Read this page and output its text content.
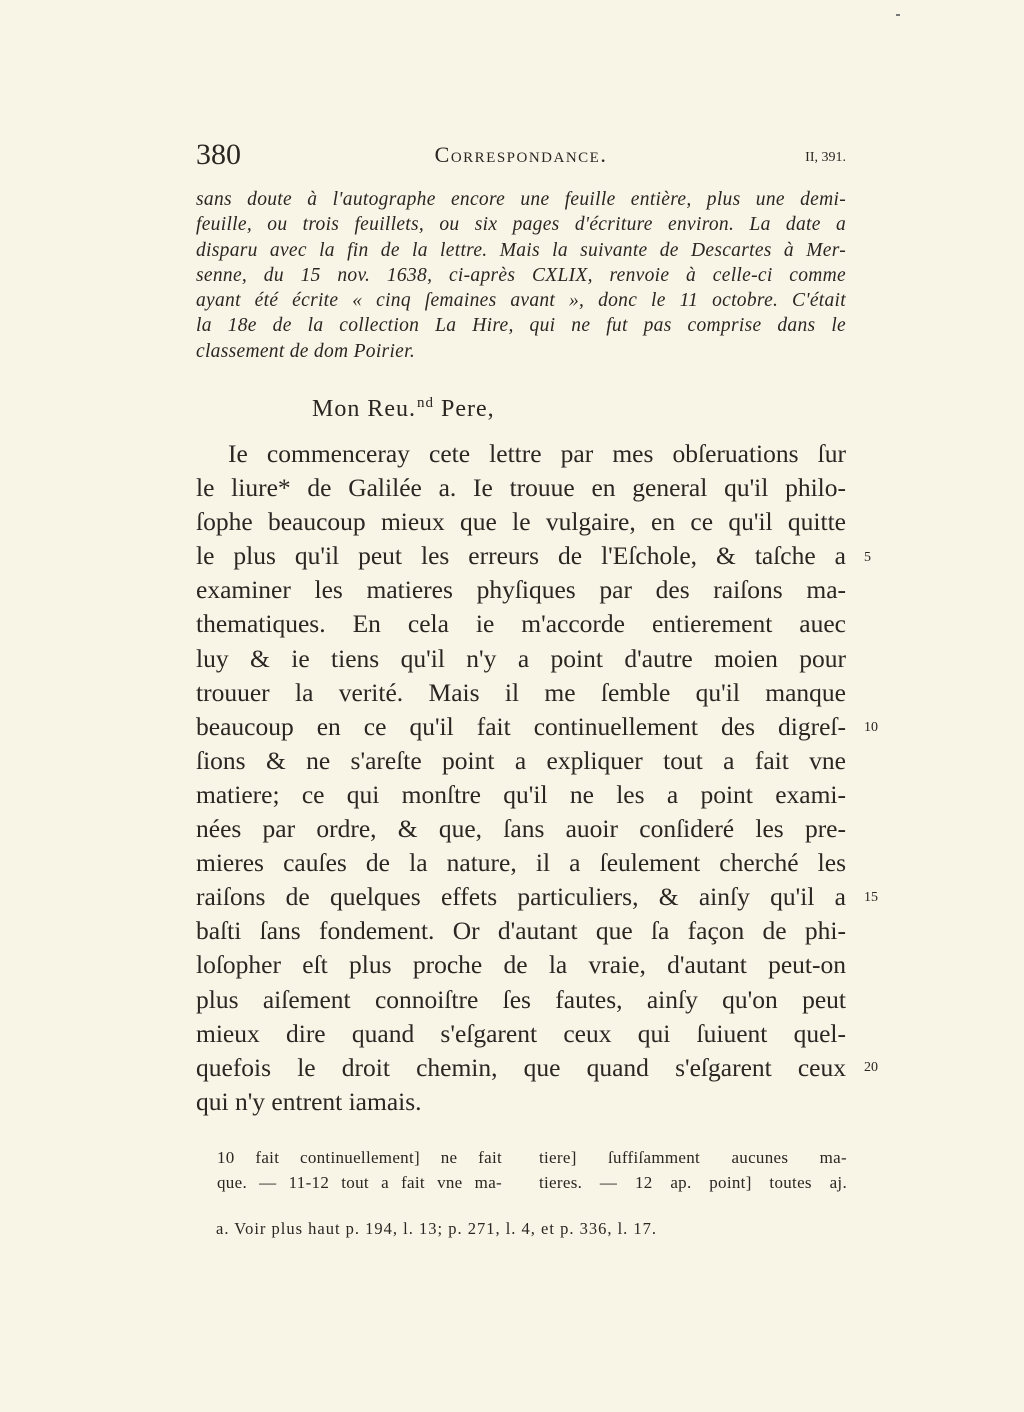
380	Correspondance.	II, 391.
sans doute à l'autographe encore une feuille entière, plus une demi-
feuille, ou trois feuillets, ou six pages d'écriture environ. La date a
disparu avec la fin de la lettre. Mais la suivante de Descartes à Mer-
senne, du 15 nov. 1638, ci-après CXLIX, renvoie à celle-ci comme
ayant été écrite « cinq ſemaines avant », donc le 11 octobre. C'était
la 18e de la collection La Hire, qui ne fut pas comprise dans le
classement de dom Poirier.
Mon Reu.$^{nd}$ Pere,
Ie commenceray cete lettre par mes obſeruations ſur
le liure* de Galilée a. Ie trouue en general qu'il philo-
ſophe beaucoup mieux que le vulgaire, en ce qu'il quitte
le plus qu'il peut les erreurs de l'Eſchole, & taſche a
examiner les matieres phyſiques par des raiſons ma-
thematiques. En cela ie m'accorde entierement auec
luy & ie tiens qu'il n'y a point d'autre moien pour
trouuer la verité. Mais il me ſemble qu'il manque
beaucoup en ce qu'il fait continuellement des digreſ-
ſions & ne s'areſte point a expliquer tout a fait vne
matiere; ce qui monſtre qu'il ne les a point exami-
nées par ordre, & que, ſans auoir conſideré les pre-
mieres cauſes de la nature, il a ſeulement cherché les
raiſons de quelques effets particuliers, & ainſy qu'il a
baſti ſans fondement. Or d'autant que ſa façon de phi-
loſopher eſt plus proche de la vraie, d'autant peut-on
plus aiſement connoiſtre ſes fautes, ainſy qu'on peut
mieux dire quand s'eſgarent ceux qui ſuiuent quel-
quefois le droit chemin, que quand s'eſgarent ceux
qui n'y entrent iamais.
5
10
15
20
10 fait continuellement] ne fait
que. — 11-12 tout a fait vne ma-
tiere] ſuffiſamment aucunes ma-
tieres. — 12 ap. point] toutes aj.
a. Voir plus haut p. 194, l. 13; p. 271, l. 4, et p. 336, l. 17.
